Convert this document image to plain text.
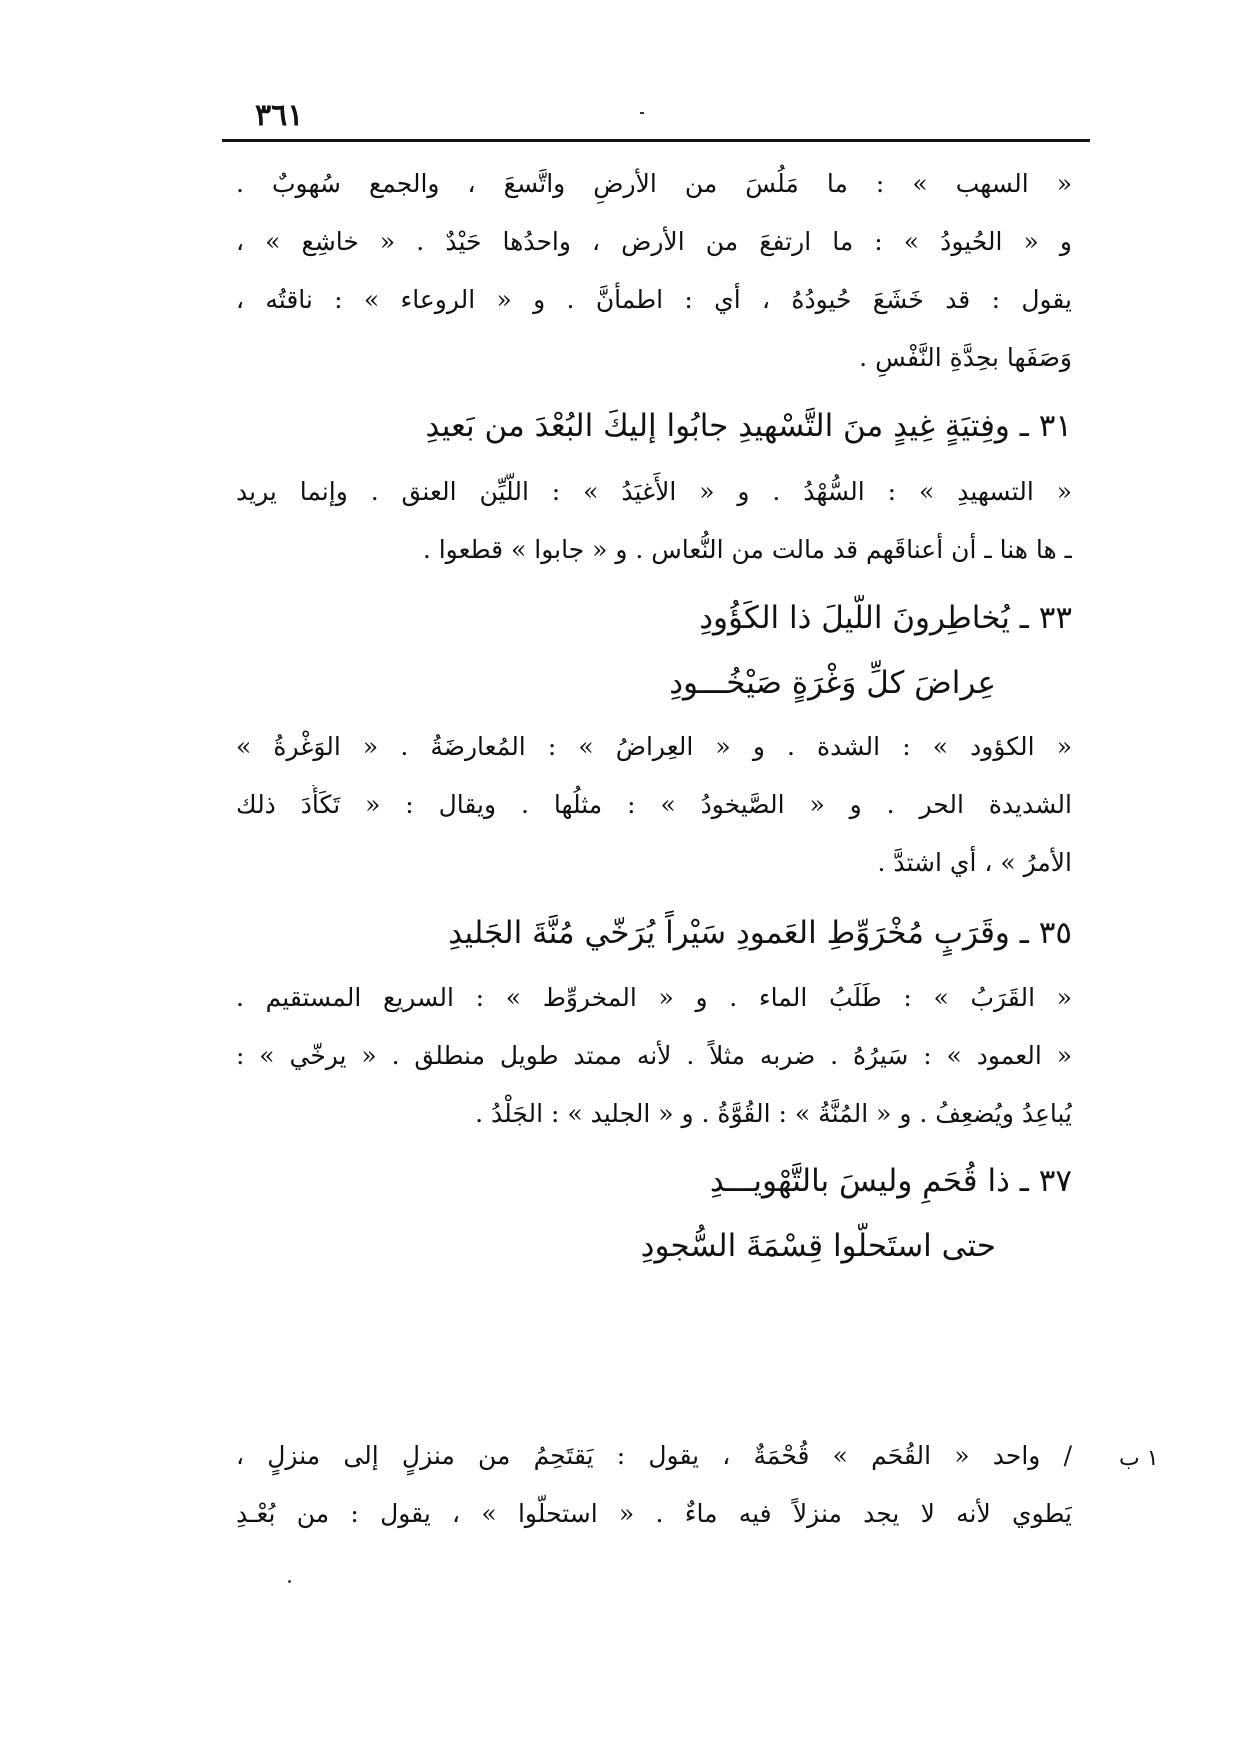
٣٦١
« السهب » : ما مَلُسَ من الأرضِ واتَّسعَ ، والجمع سُهوبٌ .
و « الحُيودُ » : ما ارتفعَ من الأرض ، واحدُها حَيْدٌ . « خاشِع » ،
يقول : قد خَشَعَ حُيودُهُ ، أي : اطمأنَّ . و « الروعاء » : ناقتُه ،
وَصَفَها بحِدَّةِ النَّفْسِ .
٣١ ـ وفِتيَةٍ غِيدٍ منَ التَّسْهيدِ جابُوا إليكَ البُعْدَ من بَعيدِ
« التسهيدِ » : السُّهْدُ . و « الأَغيَدُ » : اللَّيِّن العنق . وإنما يريد
ـ ها هنا ـ أن أعناقَهم قد مالت من النُّعاس . و « جابوا » قطعوا .
٣٣ ـ يُخاطِرونَ اللَّيلَ ذا الكَؤُودِ
عِراضَ كلِّ وَغْرَةٍ صَيْخُـــودِ
« الكؤود » : الشدة . و « العِراضُ » : المُعارضَةُ . « الوَغْرةُ »
الشديدة الحر . و « الصَّيخودُ » : مثلُها . ويقال : « تَكَأَّدَ ذلك
الأمرُ » ، أي اشتدَّ .
٣٥ ـ وقَرَبٍ مُخْرَوِّطِ العَمودِ سَيْراً يُرَخّي مُنَّةَ الجَليدِ
« القَرَبُ » : طَلَبُ الماء . و « المخروِّط » : السريع المستقيم .
« العمود » : سَيرُهُ . ضربه مثلاً . لأنه ممتد طويل منطلق . « يرخّي » :
يُباعِدُ ويُضعِفُ . و « المُنَّةُ » : القُوَّةُ . و « الجليد » : الجَلْدُ .
٣٧ ـ ذا قُحَمٍ وليسَ بالتَّهْويـــدِ
حتى استَحلُّوا قِسْمَةَ السُّجودِ
/ واحد « القُحَم » قُحْمَةٌ ، يقول : يَقتَحِمُ من منزلٍ إلى منزلٍ ،
يَطوي لأنه لا يجد منزلاً فيه ماءٌ . « استحلّوا » ، يقول : من بُعْـدِ
١ ب
